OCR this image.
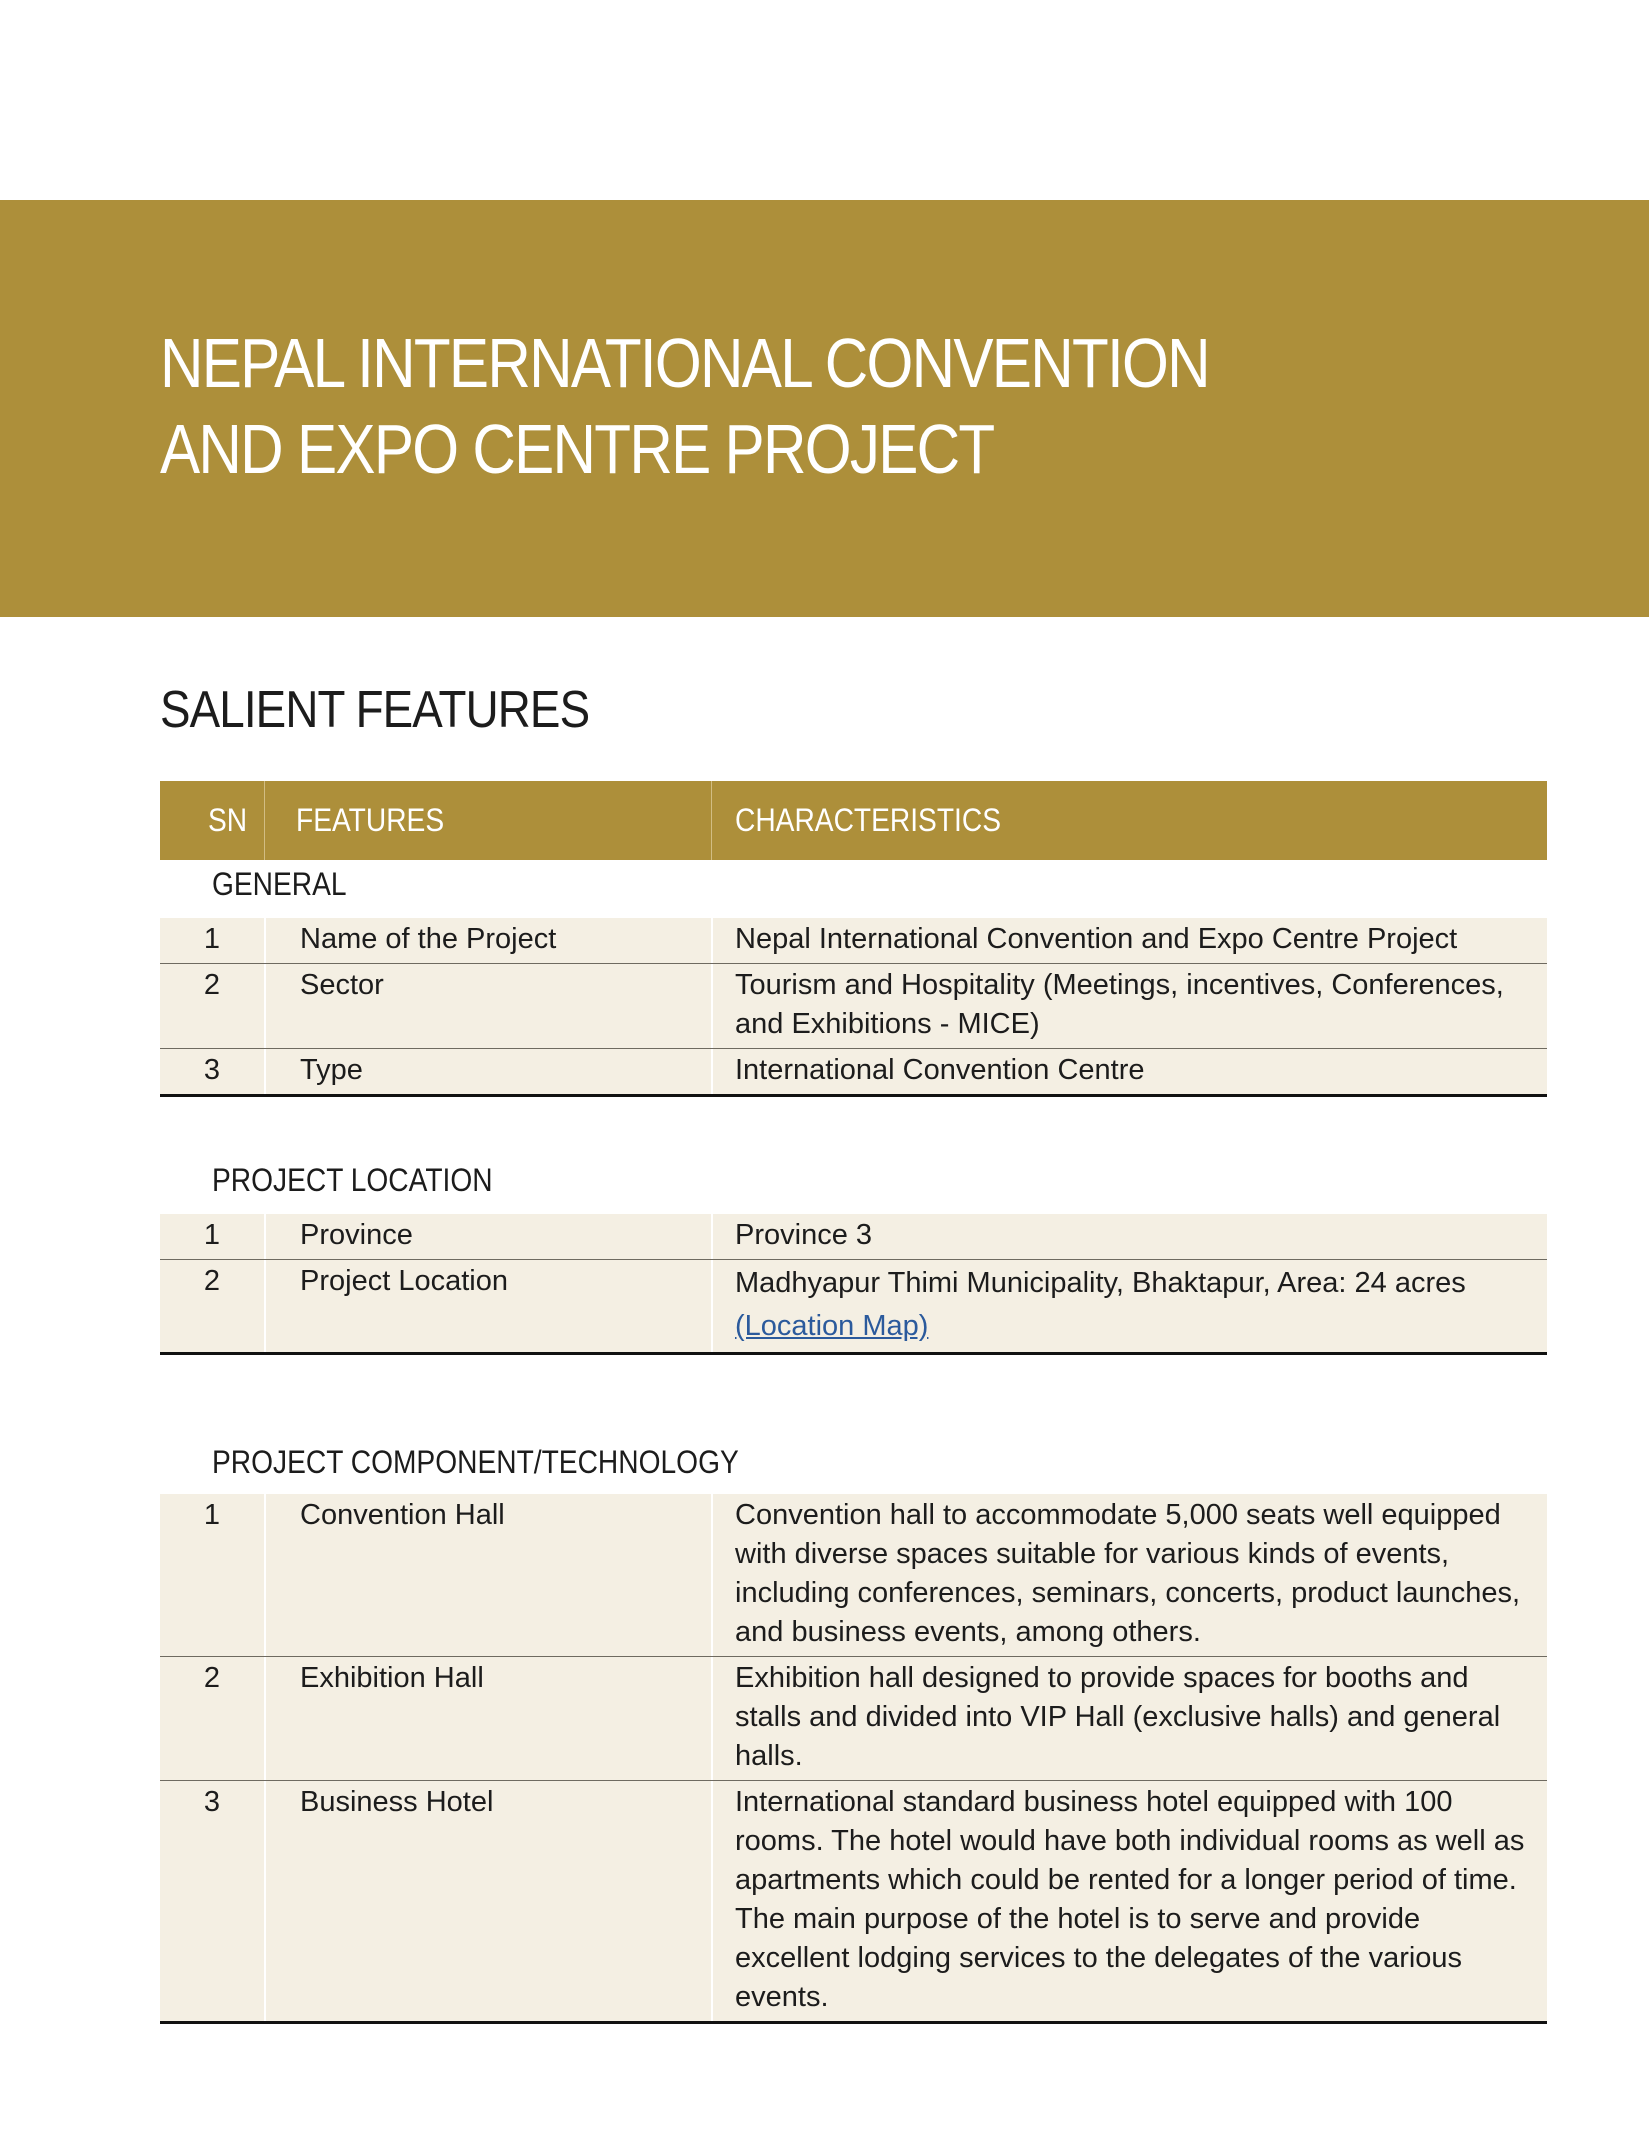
NEPAL INTERNATIONAL CONVENTION
AND EXPO CENTRE PROJECT
SALIENT FEATURES
SN FEATURES	CHARACTERISTICS
GENERAL
1	Name of the Project	Nepal International Convention and Expo Centre Project
2	Sector	Tourism and Hospitality (Meetings, incentives, Conferences, and Exhibitions - MICE)
3	Type	International Convention Centre
PROJECT LOCATION
1	Province	Province 3
2	Project Location	Madhyapur Thimi Municipality, Bhaktapur, Area: 24 acres
(Location Map)
PROJECT COMPONENT/TECHNOLOGY
1	Convention Hall	Convention hall to accommodate 5,000 seats well equipped with diverse spaces suitable for various kinds of events, including conferences, seminars, concerts, product launches, and business events, among others.
2	Exhibition Hall	Exhibition hall designed to provide spaces for booths and stalls and divided into VIP Hall (exclusive halls) and general halls.
3	Business Hotel	International standard business hotel equipped with 100 rooms. The hotel would have both individual rooms as well as apartments which could be rented for a longer period of time. The main purpose of the hotel is to serve and provide excellent lodging services to the delegates of the various events.
